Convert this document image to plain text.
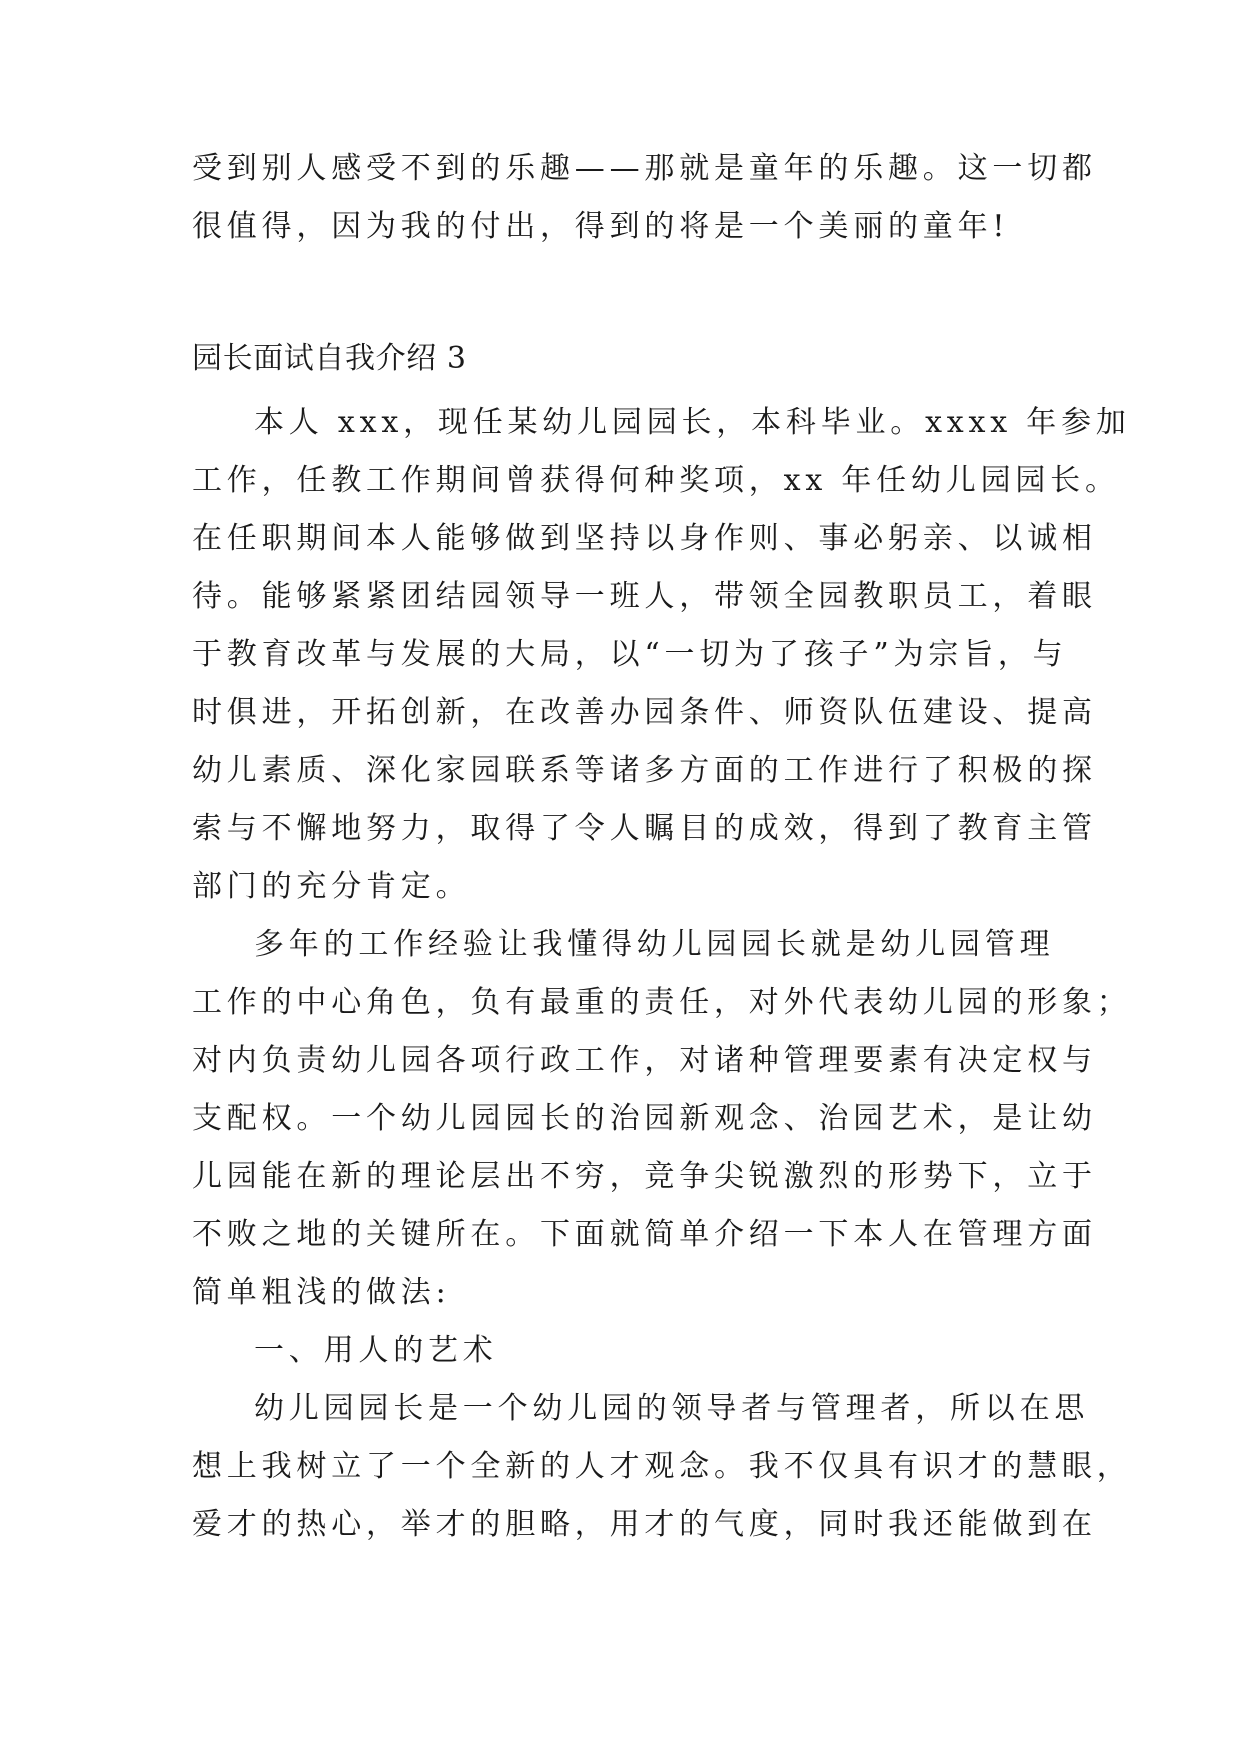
受到别人感受不到的乐趣——那就是童年的乐趣。这一切都
很值得，因为我的付出，得到的将是一个美丽的童年!
园长面试自我介绍 3
本人 xxx，现任某幼儿园园长，本科毕业。xxxx 年参加
工作，任教工作期间曾获得何种奖项，xx 年任幼儿园园长。
在任职期间本人能够做到坚持以身作则、事必躬亲、以诚相
待。能够紧紧团结园领导一班人，带领全园教职员工，着眼
于教育改革与发展的大局，以“一切为了孩子”为宗旨，与
时俱进，开拓创新，在改善办园条件、师资队伍建设、提高
幼儿素质、深化家园联系等诸多方面的工作进行了积极的探
索与不懈地努力，取得了令人瞩目的成效，得到了教育主管
部门的充分肯定。
多年的工作经验让我懂得幼儿园园长就是幼儿园管理
工作的中心角色，负有最重的责任，对外代表幼儿园的形象；
对内负责幼儿园各项行政工作，对诸种管理要素有决定权与
支配权。一个幼儿园园长的治园新观念、治园艺术，是让幼
儿园能在新的理论层出不穷，竞争尖锐激烈的形势下，立于
不败之地的关键所在。下面就简单介绍一下本人在管理方面
简单粗浅的做法:
一、用人的艺术
幼儿园园长是一个幼儿园的领导者与管理者，所以在思
想上我树立了一个全新的人才观念。我不仅具有识才的慧眼，
爱才的热心，举才的胆略，用才的气度，同时我还能做到在
